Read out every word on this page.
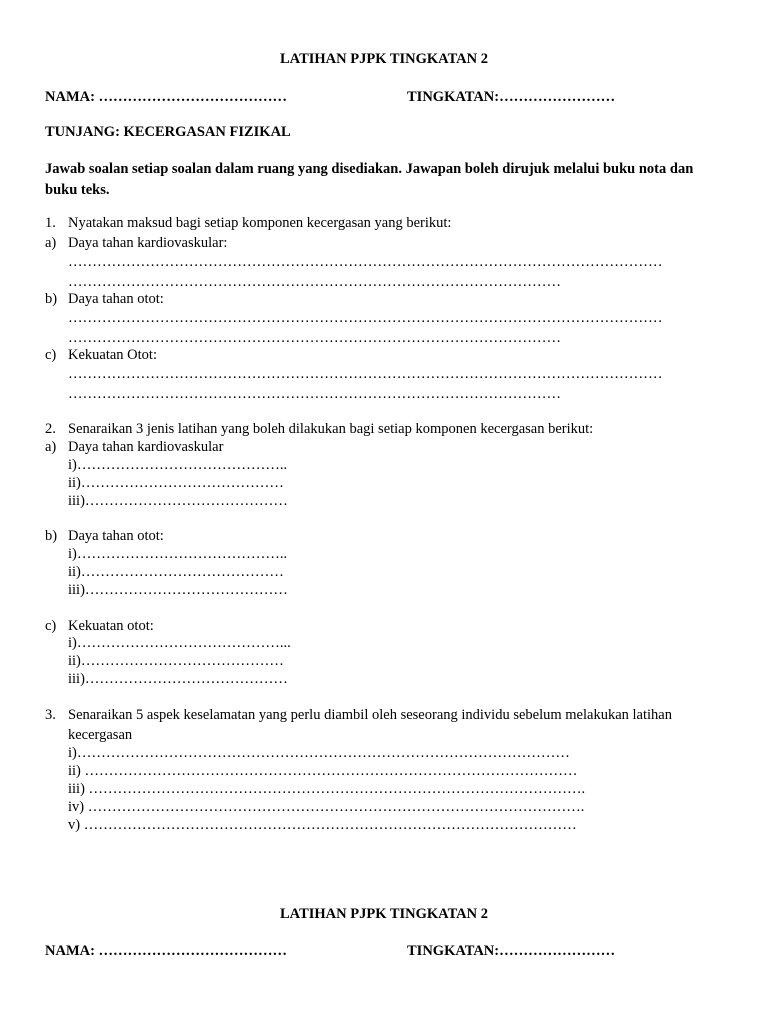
LATIHAN PJPK TINGKATAN 2
NAMA: …………………………………	TINGKATAN:……………………
TUNJANG: KECERGASAN FIZIKAL
Jawab soalan setiap soalan dalam ruang yang disediakan. Jawapan boleh dirujuk melalui buku nota dan buku teks.
1. Nyatakan maksud bagi setiap komponen kecergasan yang berikut:
a) Daya tahan kardiovaskular:
……………………………………………………………………………………………………………
…………………………………………………………………………………………
b) Daya tahan otot:
……………………………………………………………………………………………………………
…………………………………………………………………………………………
c) Kekuatan Otot:
……………………………………………………………………………………………………………
…………………………………………………………………………………………
2. Senaraikan 3 jenis latihan yang boleh dilakukan bagi setiap komponen kecergasan berikut:
a) Daya tahan kardiovaskular
i)……………………………………..
ii)……………………………………
iii)……………………………………
b) Daya tahan otot:
i)……………………………………..
ii)……………………………………
iii)……………………………………
c) Kekuatan otot:
i)……………………………………...
ii)……………………………………
iii)……………………………………
3. Senaraikan 5 aspek keselamatan yang perlu diambil oleh seseorang individu sebelum melakukan latihan
kecergasan
i)…………………………………………………………………………………………
ii) …………………………………………………………………………………………
iii) ………………………………………………………………………………………….
iv) ………………………………………………………………………………………….
v) …………………………………………………………………………………………
LATIHAN PJPK TINGKATAN 2
NAMA: …………………………………	TINGKATAN:……………………
